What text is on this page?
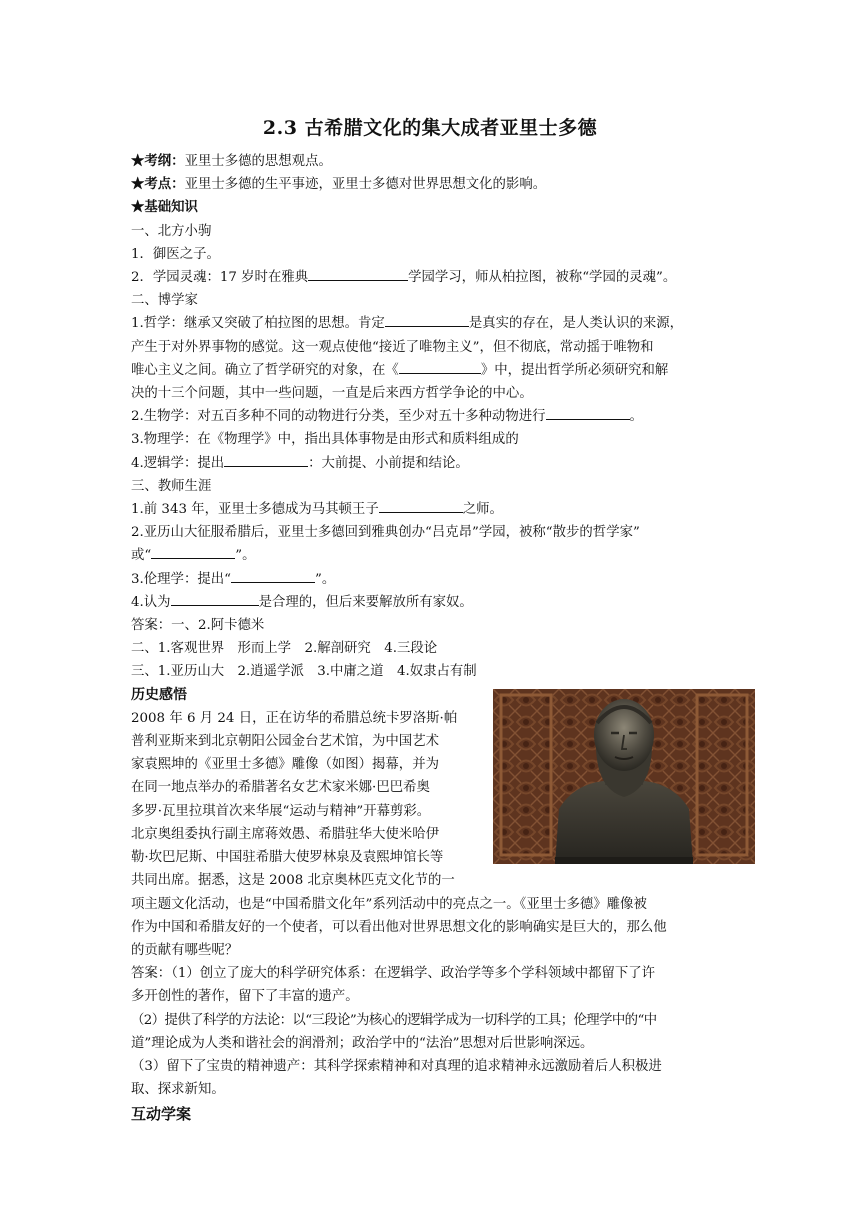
2.3 古希腊文化的集大成者亚里士多德

★考纲：亚里士多德的思想观点。

★考点：亚里士多德的生平事迹，亚里士多德对世界思想文化的影响。

★基础知识

一、北方小驹

1．御医之子。

2．学园灵魂：17 岁时在雅典	学园学习，师从柏拉图，被称“学园的灵魂”。

二、博学家

1.哲学：继承又突破了柏拉图的思想。肯定	是真实的存在，是人类认识的来源，

产生于对外界事物的感觉。这一观点使他“接近了唯物主义”，但不彻底，常动摇于唯物和

唯心主义之间。确立了哲学研究的对象，在《	》中，提出哲学所必须研究和解

决的十三个问题，其中一些问题，一直是后来西方哲学争论的中心。

2.生物学：对五百多种不同的动物进行分类，至少对五十多种动物进行	。

3.物理学：在《物理学》中，指出具体事物是由形式和质料组成的

4.逻辑学：提出	：大前提、小前提和结论。

三、教师生涯

1.前 343 年，亚里士多德成为马其顿王子	之师。

2.亚历山大征服希腊后，亚里士多德回到雅典创办“吕克昂”学园，被称“散步的哲学家”

或“	”。

3.伦理学：提出“	”。

4.认为	是合理的，但后来要解放所有家奴。

答案：一、2.阿卡德米

二、1.客观世界　形而上学　2.解剖研究　4.三段论

三、1.亚历山大　2.逍遥学派　3.中庸之道　4.奴隶占有制

历史感悟

2008 年 6 月 24 日，正在访华的希腊总统卡罗洛斯·帕

普利亚斯来到北京朝阳公园金台艺术馆，为中国艺术

家袁熙坤的《亚里士多德》雕像（如图）揭幕，并为

在同一地点举办的希腊著名女艺术家米娜·巴巴希奥

多罗·瓦里拉琪首次来华展“运动与精神”开幕剪彩。

北京奥组委执行副主席蒋效愚、希腊驻华大使米哈伊

勒·坎巴尼斯、中国驻希腊大使罗林泉及袁熙坤馆长等

共同出席。据悉，这是 2008 北京奥林匹克文化节的一

项主题文化活动，也是“中国希腊文化年”系列活动中的亮点之一。《亚里士多德》雕像被

作为中国和希腊友好的一个使者，可以看出他对世界思想文化的影响确实是巨大的，那么他

的贡献有哪些呢？

答案：（1）创立了庞大的科学研究体系：在逻辑学、政治学等多个学科领域中都留下了许

多开创性的著作，留下了丰富的遗产。

（2）提供了科学的方法论：以“三段论”为核心的逻辑学成为一切科学的工具；伦理学中的“中

道”理论成为人类和谐社会的润滑剂；政治学中的“法治”思想对后世影响深远。

（3）留下了宝贵的精神遗产：其科学探索精神和对真理的追求精神永远激励着后人积极进

取、探求新知。

互动学案
